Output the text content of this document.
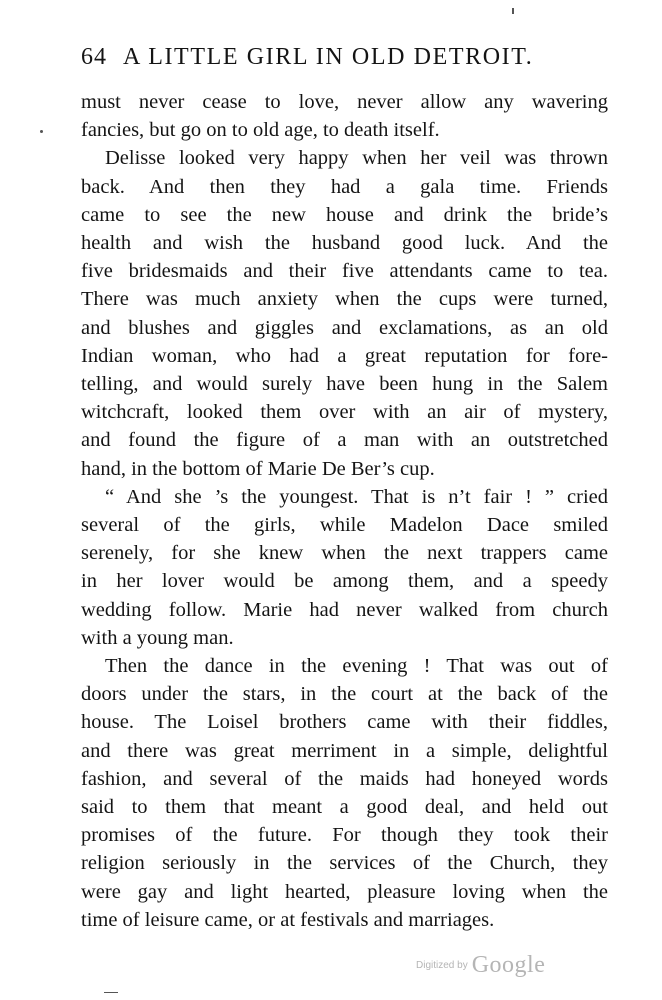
64 A LITTLE GIRL IN OLD DETROIT.
must never cease to love, never allow any wavering
fancies, but go on to old age, to death itself.
Delisse looked very happy when her veil was thrown
back. And then they had a gala time. Friends
came to see the new house and drink the bride’s
health and wish the husband good luck. And the
five bridesmaids and their five attendants came to tea.
There was much anxiety when the cups were turned,
and blushes and giggles and exclamations, as an old
Indian woman, who had a great reputation for fore-
telling, and would surely have been hung in the Salem
witchcraft, looked them over with an air of mystery,
and found the figure of a man with an outstretched
hand, in the bottom of Marie De Ber’s cup.
“ And she ’s the youngest. That is n’t fair ! ” cried
several of the girls, while Madelon Dace smiled
serenely, for she knew when the next trappers came
in her lover would be among them, and a speedy
wedding follow. Marie had never walked from church
with a young man.
Then the dance in the evening ! That was out of
doors under the stars, in the court at the back of the
house. The Loisel brothers came with their fiddles,
and there was great merriment in a simple, delightful
fashion, and several of the maids had honeyed words
said to them that meant a good deal, and held out
promises of the future. For though they took their
religion seriously in the services of the Church, they
were gay and light hearted, pleasure loving when the
time of leisure came, or at festivals and marriages.
Digitized by Google
